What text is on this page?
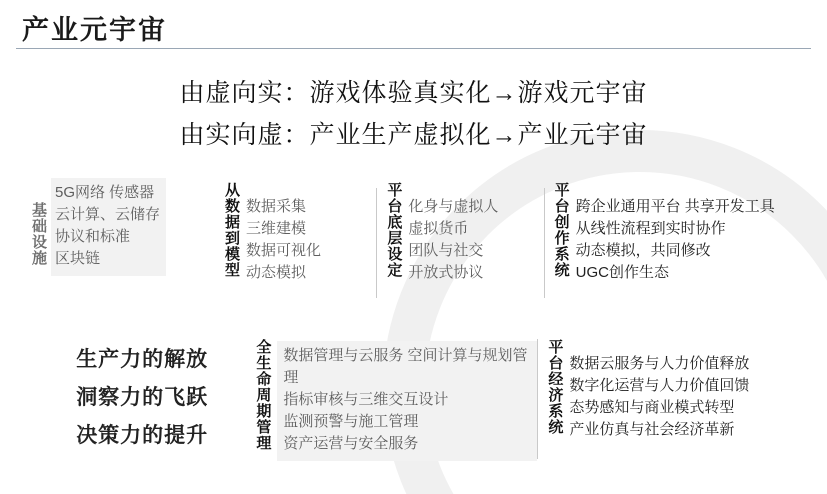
产业元宇宙
由虚向实：游戏体验真实化→游戏元宇宙
由实向虚：产业生产虚拟化→产业元宇宙
基础设施
5G网络 传感器
云计算、云储存
协议和标准
区块链	从数据到模型 数据采集
三维建模
数据可视化
动态模拟	平台底层设定 化身与虚拟人
虚拟货币
团队与社交
开放式协议	平台创作系统 跨企业通用平台 共享开发工具
从线性流程到实时协作
动态模拟，共同修改
UGC创作生态
生产力的解放
洞察力的飞跃
决策力的提升	全生命周期管理 数据管理与云服务 空间计算与规划管理
指标审核与三维交互设计
监测预警与施工管理
资产运营与安全服务
平台经济系统 数据云服务与人力价值释放
数字化运营与人力价值回馈
态势感知与商业模式转型
产业仿真与社会经济革新
